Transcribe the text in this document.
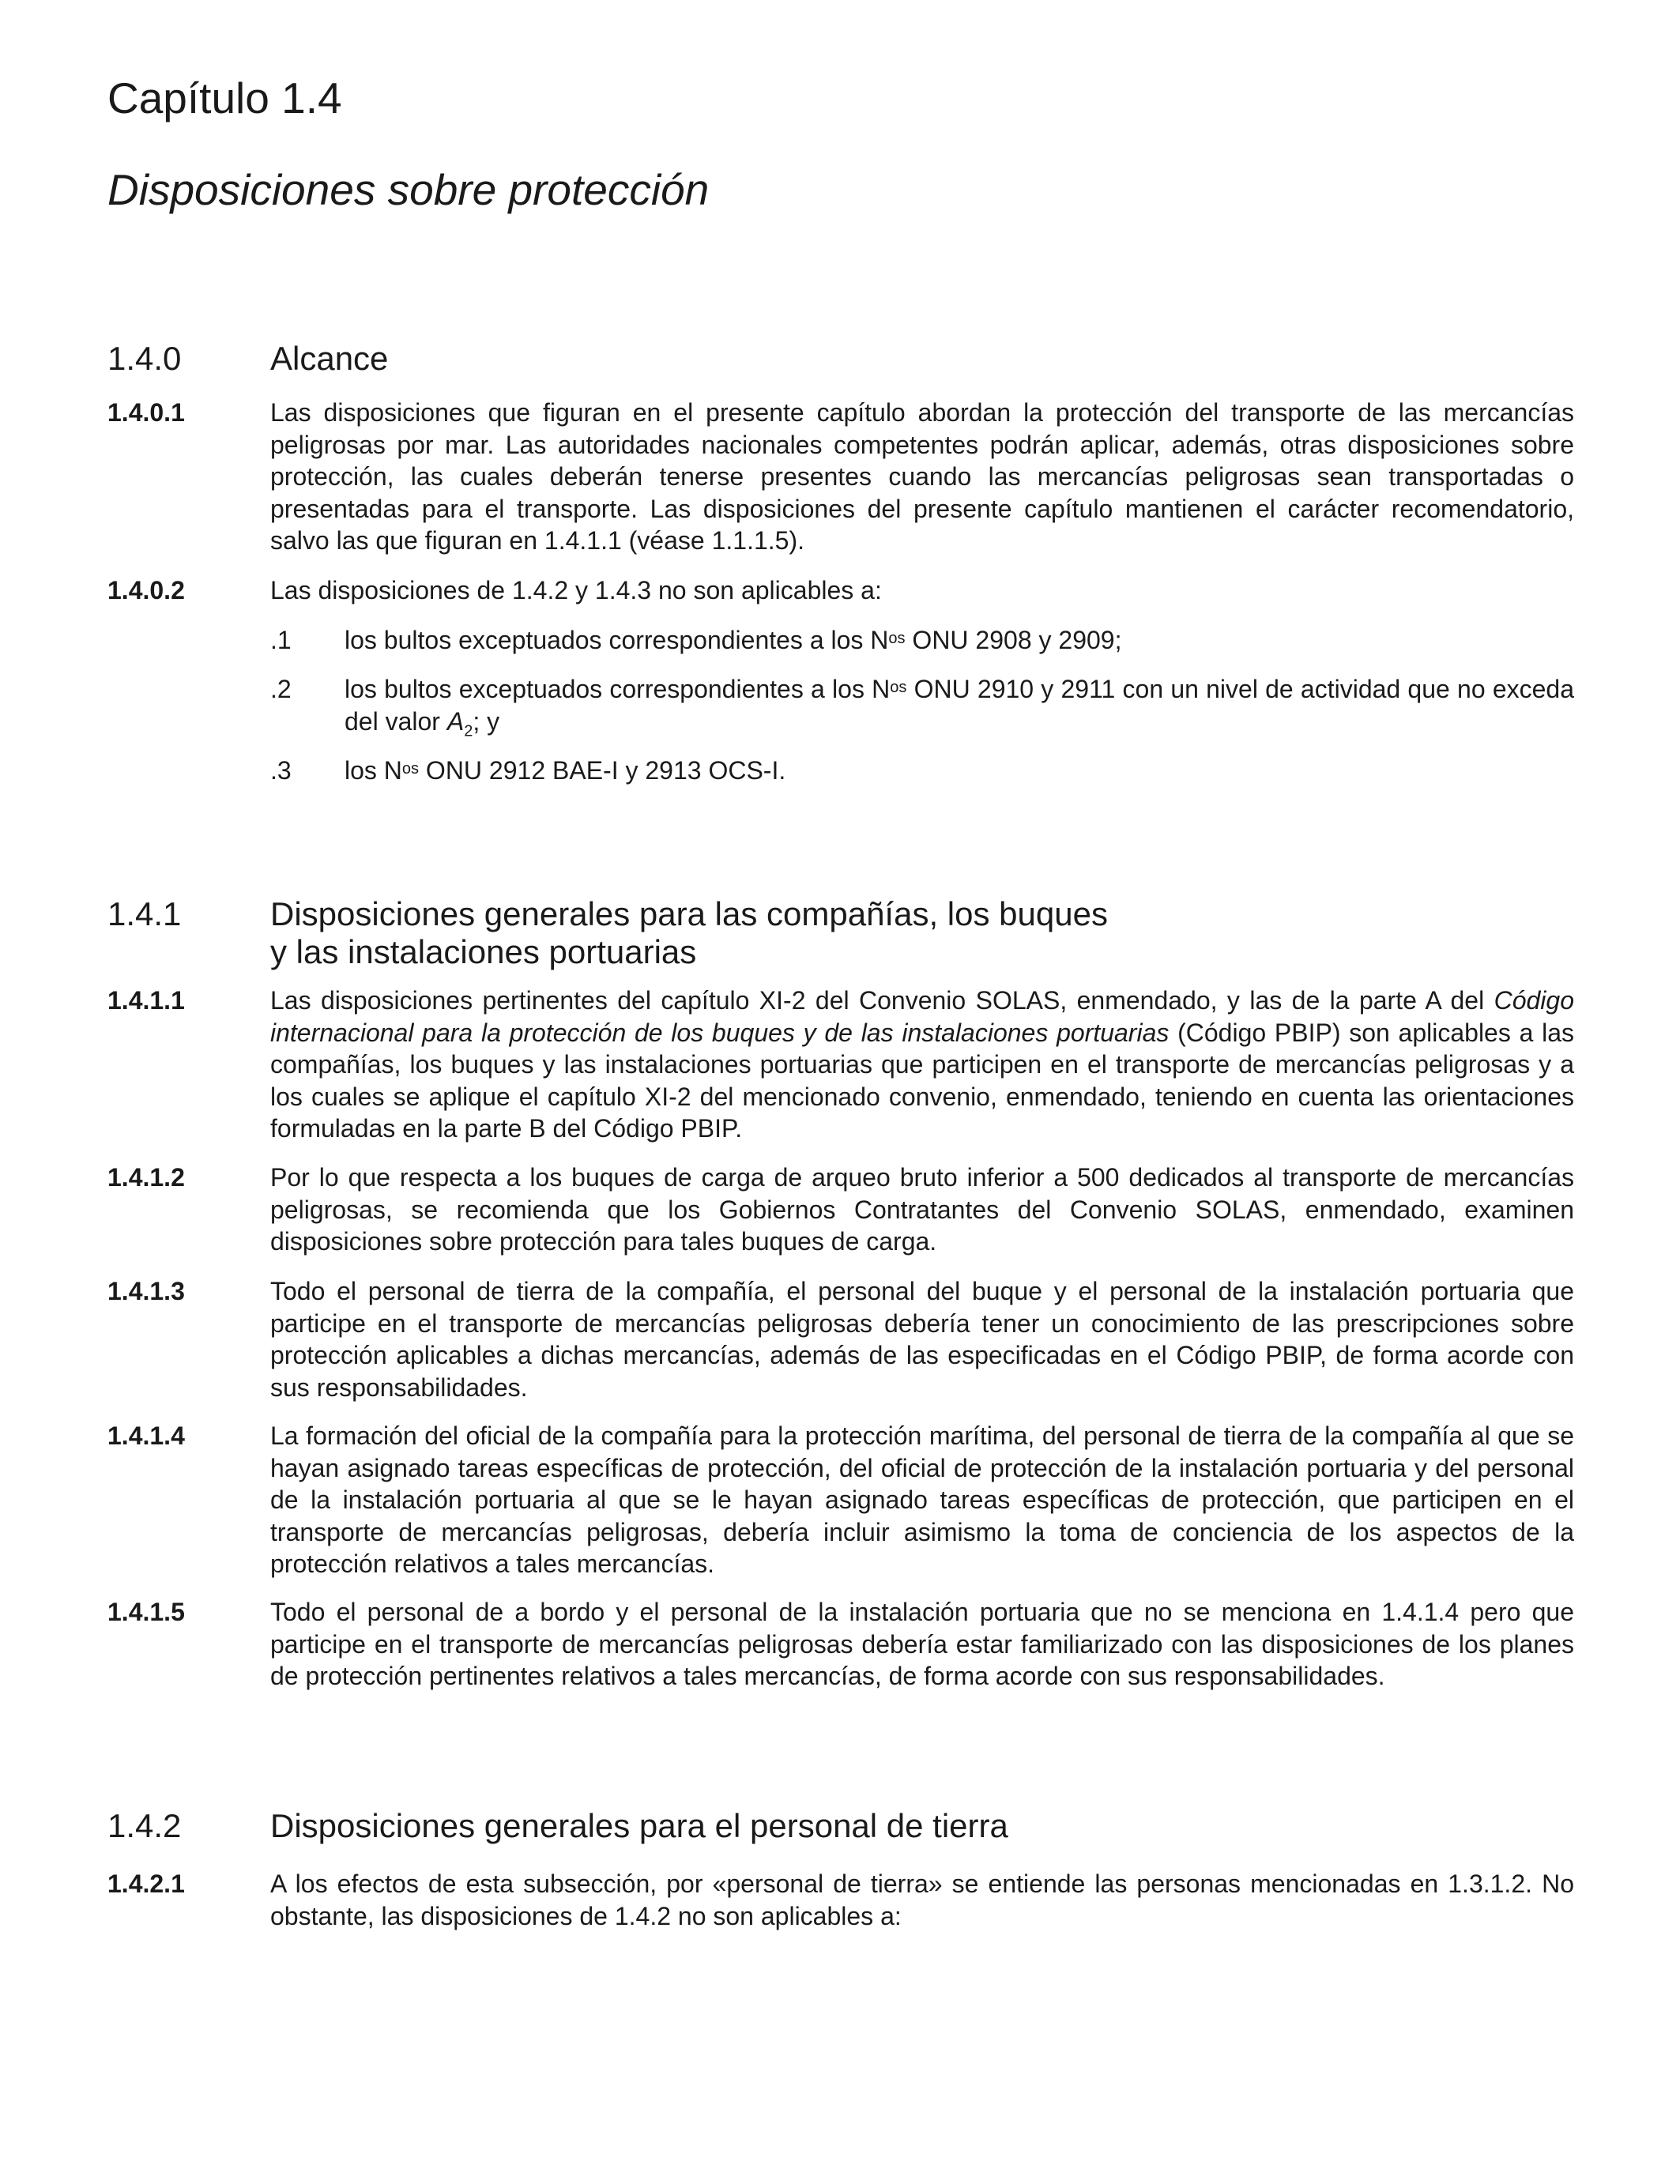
Capítulo 1.4
Disposiciones sobre protección
1.4.0	Alcance
1.4.0.1	Las disposiciones que figuran en el presente capítulo abordan la protección del transporte de las mercancías peligrosas por mar. Las autoridades nacionales competentes podrán aplicar, además, otras disposiciones sobre protección, las cuales deberán tenerse presentes cuando las mercancías peligrosas sean transportadas o presentadas para el transporte. Las disposiciones del presente capítulo mantienen el carácter recomendatorio, salvo las que figuran en 1.4.1.1 (véase 1.1.1.5).
1.4.0.2	Las disposiciones de 1.4.2 y 1.4.3 no son aplicables a:
.1	los bultos exceptuados correspondientes a los $N^{os}$ ONU 2908 y 2909;
.2	los bultos exceptuados correspondientes a los $N^{os}$ ONU 2910 y 2911 con un nivel de actividad que no exceda del valor $A_2$; y
.3	los $N^{os}$ ONU 2912 BAE-I y 2913 OCS-I.
1.4.1	Disposiciones generales para las compañías, los buques
y las instalaciones portuarias
1.4.1.1	Las disposiciones pertinentes del capítulo XI-2 del Convenio SOLAS, enmendado, y las de la parte A del Código internacional para la protección de los buques y de las instalaciones portuarias (Código PBIP) son aplicables a las compañías, los buques y las instalaciones portuarias que participen en el transporte de mercancías peligrosas y a los cuales se aplique el capítulo XI-2 del mencionado convenio, enmendado, teniendo en cuenta las orientaciones formuladas en la parte B del Código PBIP.
1.4.1.2	Por lo que respecta a los buques de carga de arqueo bruto inferior a 500 dedicados al transporte de mercancías peligrosas, se recomienda que los Gobiernos Contratantes del Convenio SOLAS, enmendado, examinen disposiciones sobre protección para tales buques de carga.
1.4.1.3	Todo el personal de tierra de la compañía, el personal del buque y el personal de la instalación portuaria que participe en el transporte de mercancías peligrosas debería tener un conocimiento de las prescripciones sobre protección aplicables a dichas mercancías, además de las especificadas en el Código PBIP, de forma acorde con sus responsabilidades.
1.4.1.4	La formación del oficial de la compañía para la protección marítima, del personal de tierra de la compañía al que se hayan asignado tareas específicas de protección, del oficial de protección de la instalación portuaria y del personal de la instalación portuaria al que se le hayan asignado tareas específicas de protección, que participen en el transporte de mercancías peligrosas, debería incluir asimismo la toma de conciencia de los aspectos de la protección relativos a tales mercancías.
1.4.1.5	Todo el personal de a bordo y el personal de la instalación portuaria que no se menciona en 1.4.1.4 pero que participe en el transporte de mercancías peligrosas debería estar familiarizado con las disposiciones de los planes de protección pertinentes relativos a tales mercancías, de forma acorde con sus responsabilidades.
1.4.2	Disposiciones generales para el personal de tierra
1.4.2.1	A los efectos de esta subsección, por «personal de tierra» se entiende las personas mencionadas en 1.3.1.2. No obstante, las disposiciones de 1.4.2 no son aplicables a:
